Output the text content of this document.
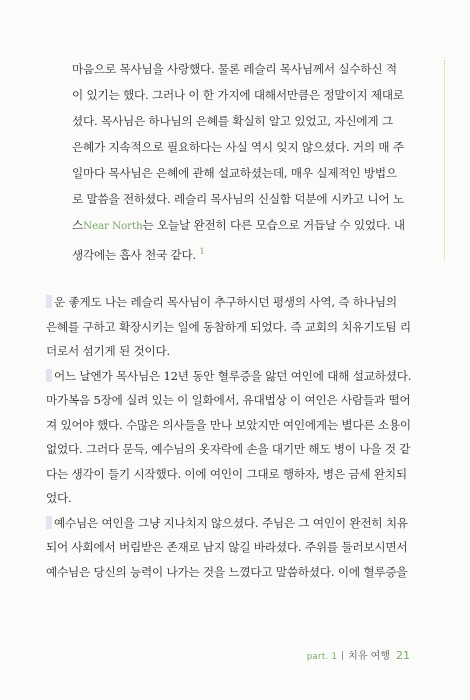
마음으로 목사님을 사랑했다. 물론 레슬리 목사님께서 실수하신 적
이 있기는 했다. 그러나 이 한 가지에 대해서만큼은 정말이지 제대로
셨다. 목사님은 하나님의 은혜를 확실히 알고 있었고, 자신에게 그
은혜가 지속적으로 필요하다는 사실 역시 잊지 않으셨다. 거의 매 주
일마다 목사님은 은혜에 관해 설교하셨는데, 매우 실제적인 방법으
로 말씀을 전하셨다. 레슬리 목사님의 신실함 덕분에 시카고 니어 노
스Near North는 오늘날 완전히 다른 모습으로 거듭날 수 있었다. 내
생각에는 흡사 천국 같다. $^1$
운 좋게도 나는 레슬리 목사님이 추구하시던 평생의 사역, 즉 하나님의
은혜를 구하고 확장시키는 일에 동참하게 되었다. 즉 교회의 치유기도팀 리
더로서 섬기게 된 것이다.
어느 날엔가 목사님은 12년 동안 혈루증을 앓던 여인에 대해 설교하셨다.
마가복음 5장에 실려 있는 이 일화에서, 유대법상 이 여인은 사람들과 떨어
져 있어야 했다. 수많은 의사들을 만나 보았지만 여인에게는 별다른 소용이
없었다. 그러다 문득, 예수님의 옷자락에 손을 대기만 해도 병이 나을 것 같
다는 생각이 들기 시작했다. 이에 여인이 그대로 행하자, 병은 금세 완치되
었다.
예수님은 여인을 그냥 지나치지 않으셨다. 주님은 그 여인이 완전히 치유
되어 사회에서 버림받은 존재로 남지 않길 바라셨다. 주위를 둘러보시면서
예수님은 당신의 능력이 나가는 것을 느꼈다고 말씀하셨다. 이에 혈루증을
part. 1 치유 여행 21
